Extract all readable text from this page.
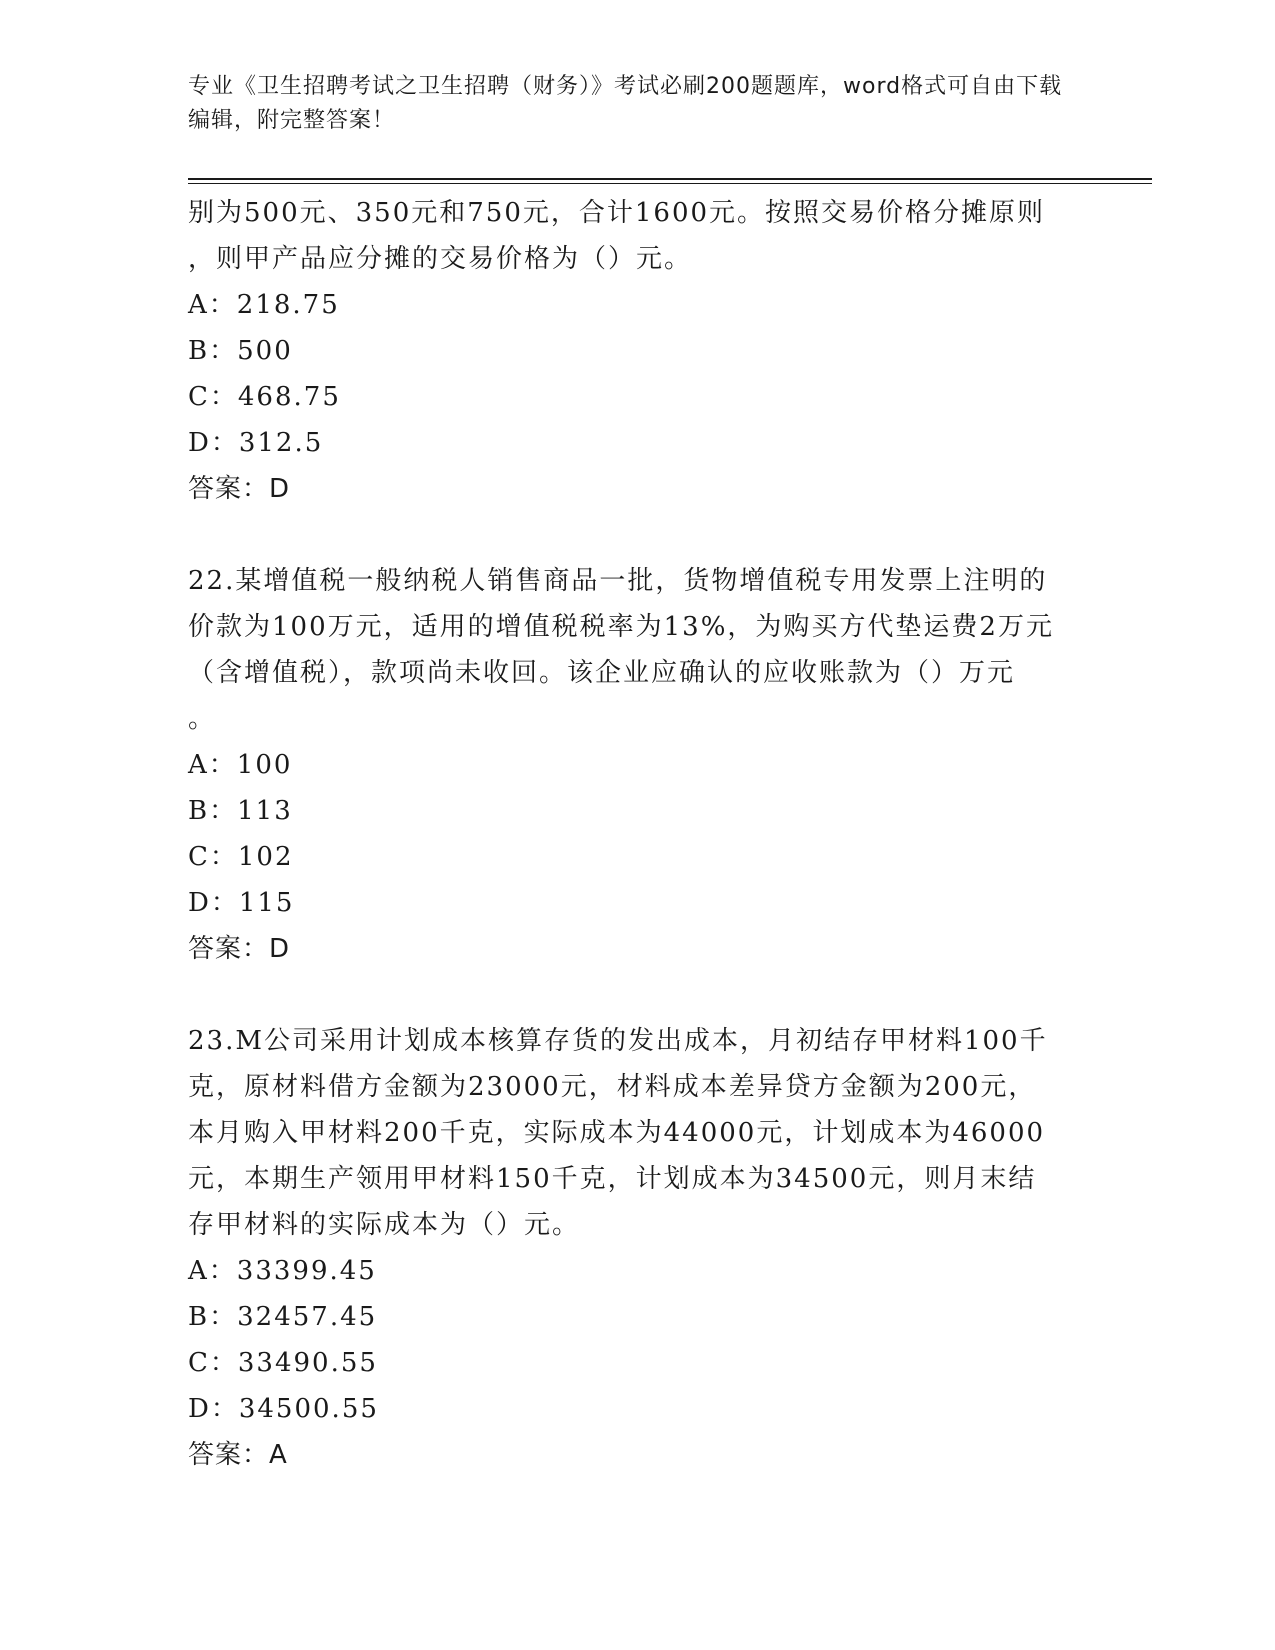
专业《卫生招聘考试之卫生招聘（财务）》考试必刷200题题库，word格式可自由下载编辑，附完整答案！
别为500元、350元和750元，合计1600元。按照交易价格分摊原则
，则甲产品应分摊的交易价格为（）元。
A：218.75
B：500
C：468.75
D：312.5
答案：D
22.某增值税一般纳税人销售商品一批，货物增值税专用发票上注明的
价款为100万元，适用的增值税税率为13%，为购买方代垫运费2万元
（含增值税），款项尚未收回。该企业应确认的应收账款为（）万元
。
A：100
B：113
C：102
D：115
答案：D
23.M公司采用计划成本核算存货的发出成本，月初结存甲材料100千
克，原材料借方金额为23000元，材料成本差异贷方金额为200元，
本月购入甲材料200千克，实际成本为44000元，计划成本为46000
元，本期生产领用甲材料150千克，计划成本为34500元，则月末结
存甲材料的实际成本为（）元。
A：33399.45
B：32457.45
C：33490.55
D：34500.55
答案：A
